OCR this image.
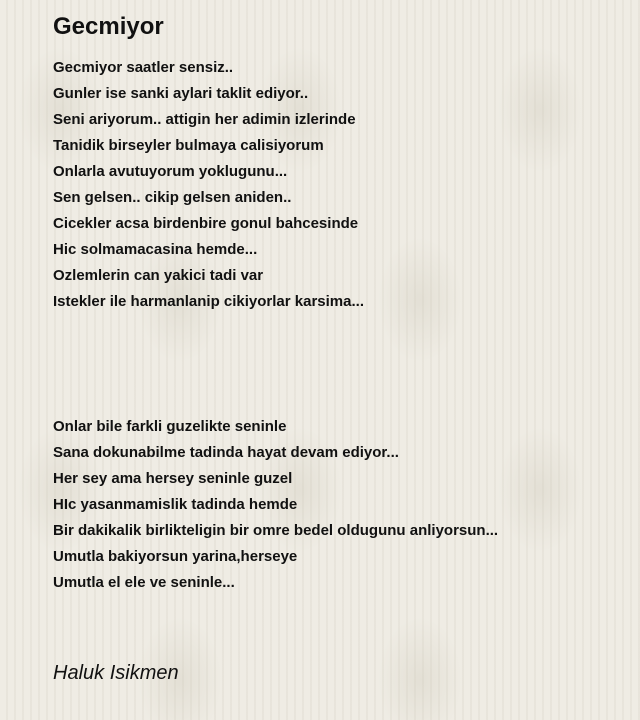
Gecmiyor
Gecmiyor saatler sensiz..
Gunler ise sanki aylari taklit ediyor..
Seni ariyorum.. attigin her adimin izlerinde
Tanidik birseyler bulmaya calisiyorum
Onlarla avutuyorum yoklugunu...
Sen gelsen.. cikip gelsen aniden..
Cicekler acsa birdenbire gonul bahcesinde
Hic solmamacasina hemde...
Ozlemlerin can yakici tadi var
Istekler ile harmanlanip cikiyorlar karsima...
Onlar bile farkli guzelikte seninle
Sana dokunabilme tadinda hayat devam ediyor...
Her sey ama hersey seninle guzel
HIc yasanmamislik tadinda hemde
Bir dakikalik birlikteligin bir omre bedel oldugunu anliyorsun...
Umutla bakiyorsun yarina,herseye
Umutla el ele ve seninle...
Haluk Isikmen
